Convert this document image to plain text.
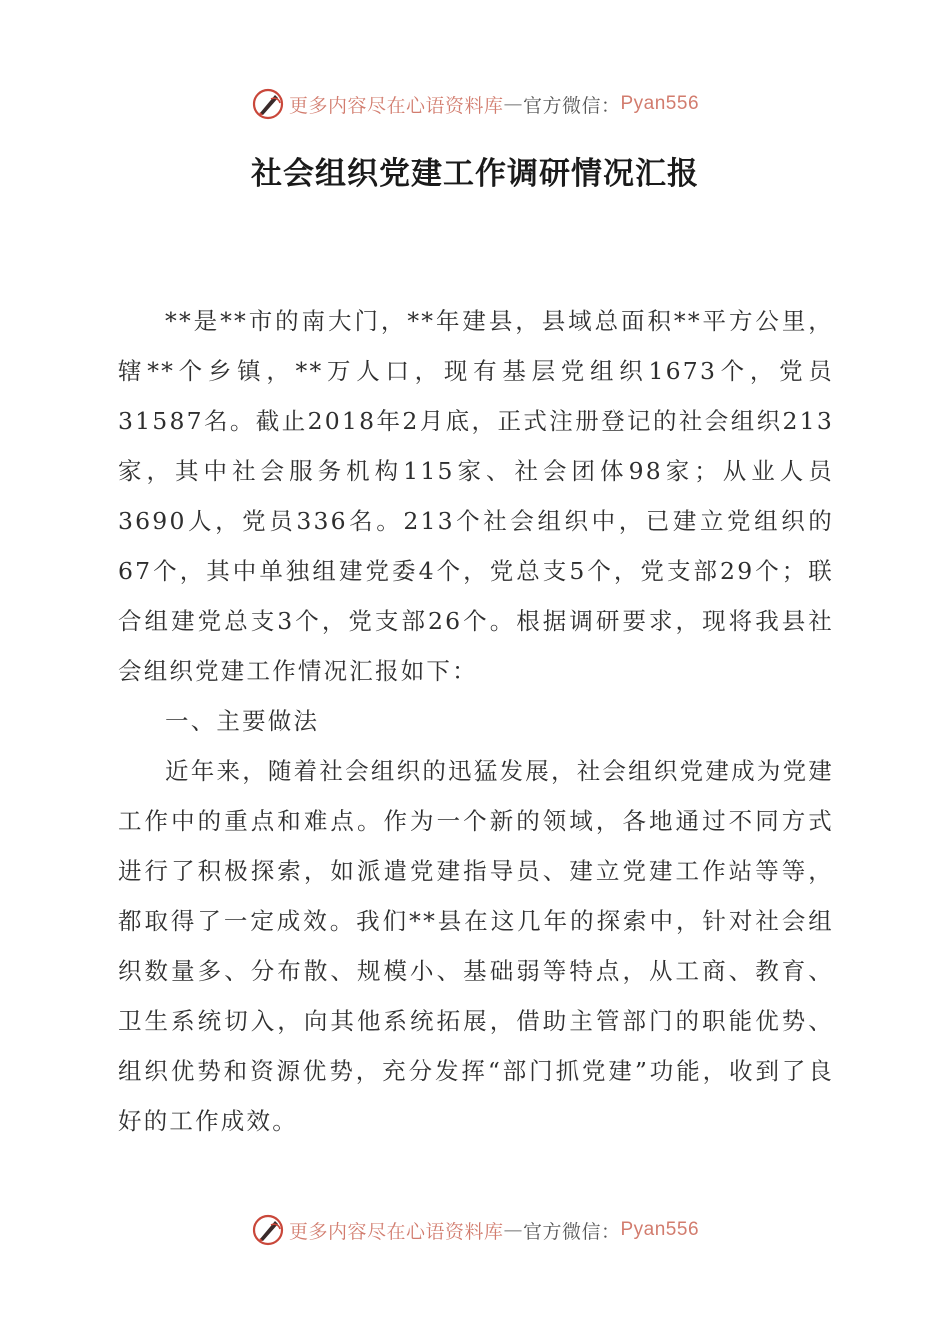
更多内容尽在心语资料库 — 官方微信： Pyan556
社会组织党建工作调研情况汇报

**是**市的南大门，**年建县，县域总面积**平方公里，辖**个乡镇，**万人口，现有基层党组织1673个，党员31587名。截止2018年2月底，正式注册登记的社会组织213家，其中社会服务机构115家、社会团体98家；从业人员3690人，党员336名。213个社会组织中，已建立党组织的67个，其中单独组建党委4个，党总支5个，党支部29个；联合组建党总支3个，党支部26个。根据调研要求，现将我县社会组织党建工作情况汇报如下：

一、主要做法

近年来，随着社会组织的迅猛发展，社会组织党建成为党建工作中的重点和难点。作为一个新的领域，各地通过不同方式进行了积极探索，如派遣党建指导员、建立党建工作站等等，都取得了一定成效。我们**县在这几年的探索中，针对社会组织数量多、分布散、规模小、基础弱等特点，从工商、教育、卫生系统切入，向其他系统拓展，借助主管部门的职能优势、组织优势和资源优势，充分发挥“部门抓党建”功能，收到了良好的工作成效。

更多内容尽在心语资料库 — 官方微信： Pyan556
